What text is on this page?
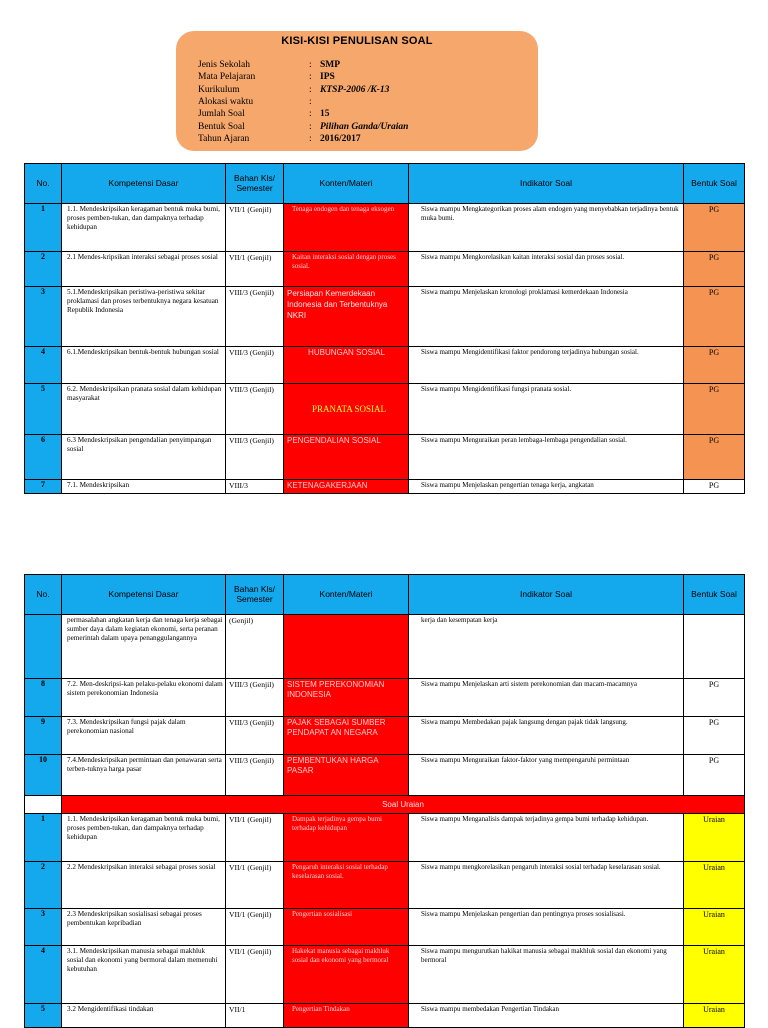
KISI-KISI PENULISAN SOAL
Jenis Sekolah	: SMP
Mata Pelajaran	: IPS
Kurikulum	: KTSP-2006 /K-13
Alokasi waktu	:
Jumlah Soal	: 15
Bentuk Soal	: Pilihan Ganda/Uraian
Tahun Ajaran	: 2016/2017
No.	Kompetensi Dasar	Bahan Kls/ Semester	Konten/Materi	Indikator Soal	Bentuk Soal
1	1.1. Mendeskripsikan keragaman bentuk muka bumi, proses pemben-tukan, dan dampaknya terhadap kehidupan	VII/1 (Genjil)	Tenaga endogen dan tenaga eksogen	Siswa mampu Mengkategorikan proses alam endogen yang menyebabkan terjadinya bentuk muka bumi.	PG
2	2.1 Mendes-kripsikan interaksi sebagai proses sosial	VII/1 (Genjil)	Kaitan interaksi sosial dengan proses sosial.	Siswa mampu Mengkorelasikan kaitan interaksi sosial dan proses sosial.	PG
3	5.1.Mendeskripsikan peristiwa-peristiwa sekitar proklamasi dan proses terbentuknya negara kesatuan Republik Indonesia	VIII/3 (Genjil)	Persiapan Kemerdekaan Indonesia dan Terbentuknya NKRI	Siswa mampu Menjelaskan kronologi proklamasi kemerdekaan Indonesia	PG
4	6.1.Mendeskripsikan bentuk-bentuk hubungan sosial	VIII/3 (Genjil)	HUBUNGAN SOSIAL	Siswa mampu Mengidentifikasi faktor pendorong terjadinya hubungan sosial.	PG
5	6.2. Mendeskripsikan pranata sosial dalam kehidupan masyarakat	VIII/3 (Genjil)	PRANATA SOSIAL	Siswa mampu Mengidentifikasi fungsi pranata sosial.	PG
6	6.3 Mendeskripsikan pengendalian penyimpangan sosial	VIII/3 (Genjil)	PENGENDALIAN SOSIAL	Siswa mampu Menguraikan peran lembaga-lembaga pengendalian sosial.	PG
7	7.1. Mendeskripsikan	VIII/3	KETENAGAKERJAAN	Siswa mampu Menjelaskan pengertian tenaga kerja, angkatan	PG
No.	Kompetensi Dasar	Bahan Kls/ Semester	Konten/Materi	Indikator Soal	Bentuk Soal
	permasalahan angkatan kerja dan tenaga kerja sebagai sumber daya dalam kegiatan ekonomi, serta peranan pemerintah dalam upaya penanggulangannya	(Genjil)		kerja dan kesempatan kerja	
8	7.2. Men-deskripsi-kan pelaku-pelaku ekonomi dalam sistem perekonomian Indonesia	VIII/3 (Genjil)	SISTEM PEREKONOMIAN INDONESIA	Siswa mampu Menjelaskan arti sistem perekonomian dan macam-macamnya	PG
9	7.3. Mendeskripsikan fungsi pajak dalam perekonomian nasional	VIII/3 (Genjil)	PAJAK SEBAGAI SUMBER PENDAPAT AN NEGARA	Siswa mampu Membedakan pajak langsung dengan pajak tidak langsung.	PG
10	7.4.Mendeskripsikan permintaan dan penawaran serta terben-tuknya harga pasar	VIII/3 (Genjil)	PEMBENTUKAN HARGA PASAR	Siswa mampu Menguraikan faktor-faktor yang mempengaruhi permintaan	PG
	Soal Uraian				
1	1.1. Mendeskripsikan keragaman bentuk muka bumi, proses pemben-tukan, dan dampaknya terhadap kehidupan	VII/1 (Genjil)	Dampak terjadinya gempa bumi terhadap kehidupan	Siswa mampu Menganalisis dampak terjadinya gempa bumi terhadap kehidupan.	Uraian
2	2.2 Mendeskripsikan interaksi sebagai proses sosial	VII/1 (Genjil)	Pengaruh interaksi sosial terhadap keselarasan sosial.	Siswa mampu mengkorelasikan pengaruh interaksi sosial terhadap keselarasan sosial.	Uraian
3	2.3 Mendeskripsikan sosialisasi sebagai proses pembentukan kepribadian	VII/1 (Genjil)	Pengertian sosialisasi	Siswa mampu Menjelaskan pengertian dan pentingnya proses sosialisasi.	Uraian
4	3.1. Mendeskripsikan manusia sebagai makhluk sosial dan ekonomi yang bermoral dalam memenuhi kebutuhan	VII/1 (Genjil)	Hakekat manusia sebagai makhluk sosial dan ekonomi yang bermoral	Siswa mampu mengurutkan hakikat manusia sebagai makhluk sosial dan ekonomi yang bermoral	Uraian
5	3.2 Mengidentifikasi tindakan	VII/1	Pengertian Tindakan	Siswa mampu membedakan Pengertian Tindakan	Uraian
